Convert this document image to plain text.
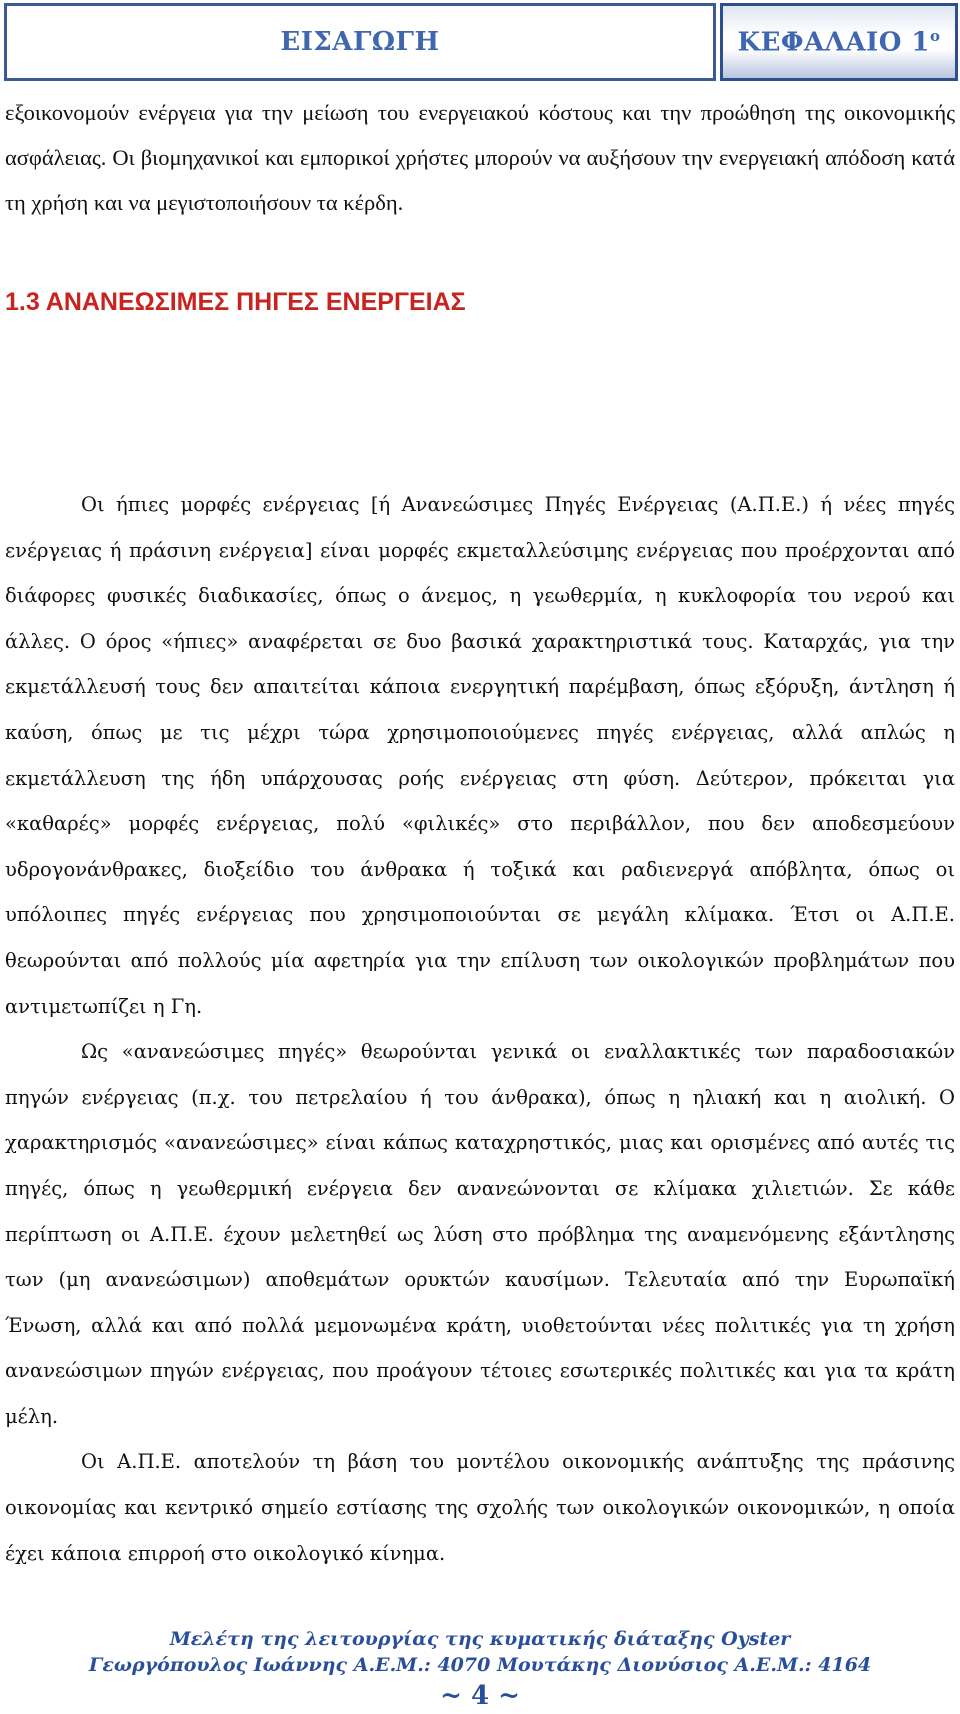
ΕΙΣΑΓΩΓΗ	ΚΕΦΑΛΑΙΟ $1^o$

εξοικονομούν ενέργεια για την μείωση του ενεργειακού κόστους και την προώθηση της οικονομικής ασφάλειας. Οι βιομηχανικοί και εμπορικοί χρήστες μπορούν να αυξήσουν την ενεργειακή απόδοση κατά τη χρήση και να μεγιστοποιήσουν τα κέρδη.

1.3 ΑΝΑΝΕΩΣΙΜΕΣ ΠΗΓΕΣ ΕΝΕΡΓΕΙΑΣ

Οι ήπιες μορφές ενέργειας [ή Ανανεώσιμες Πηγές Ενέργειας (Α.Π.Ε.) ή νέες πηγές ενέργειας ή πράσινη ενέργεια] είναι μορφές εκμεταλλεύσιμης ενέργειας που προέρχονται από διάφορες φυσικές διαδικασίες, όπως ο άνεμος, η γεωθερμία, η κυκλοφορία του νερού και άλλες. Ο όρος «ήπιες» αναφέρεται σε δυο βασικά χαρακτηριστικά τους. Καταρχάς, για την εκμετάλλευσή τους δεν απαιτείται κάποια ενεργητική παρέμβαση, όπως εξόρυξη, άντληση ή καύση, όπως με τις μέχρι τώρα χρησιμοποιούμενες πηγές ενέργειας, αλλά απλώς η εκμετάλλευση της ήδη υπάρχουσας ροής ενέργειας στη φύση. Δεύτερον, πρόκειται για «καθαρές» μορφές ενέργειας, πολύ «φιλικές» στο περιβάλλον, που δεν αποδεσμεύουν υδρογονάνθρακες, διοξείδιο του άνθρακα ή τοξικά και ραδιενεργά απόβλητα, όπως οι υπόλοιπες πηγές ενέργειας που χρησιμοποιούνται σε μεγάλη κλίμακα. Έτσι οι Α.Π.Ε. θεωρούνται από πολλούς μία αφετηρία για την επίλυση των οικολογικών προβλημάτων που αντιμετωπίζει η Γη.

Ως «ανανεώσιμες πηγές» θεωρούνται γενικά οι εναλλακτικές των παραδοσιακών πηγών ενέργειας (π.χ. του πετρελαίου ή του άνθρακα), όπως η ηλιακή και η αιολική. Ο χαρακτηρισμός «ανανεώσιμες» είναι κάπως καταχρηστικός, μιας και ορισμένες από αυτές τις πηγές, όπως η γεωθερμική ενέργεια δεν ανανεώνονται σε κλίμακα χιλιετιών. Σε κάθε περίπτωση οι Α.Π.Ε. έχουν μελετηθεί ως λύση στο πρόβλημα της αναμενόμενης εξάντλησης των (μη ανανεώσιμων) αποθεμάτων ορυκτών καυσίμων. Τελευταία από την Ευρωπαϊκή Ένωση, αλλά και από πολλά μεμονωμένα κράτη, υιοθετούνται νέες πολιτικές για τη χρήση ανανεώσιμων πηγών ενέργειας, που προάγουν τέτοιες εσωτερικές πολιτικές και για τα κράτη μέλη.

Οι Α.Π.Ε. αποτελούν τη βάση του μοντέλου οικονομικής ανάπτυξης της πράσινης οικονομίας και κεντρικό σημείο εστίασης της σχολής των οικολογικών οικονομικών, η οποία έχει κάποια επιρροή στο οικολογικό κίνημα.

Μελέτη της λειτουργίας της κυματικής διάταξης Oyster
Γεωργόπουλος Ιωάννης Α.Ε.Μ.: 4070 Μουτάκης Διονύσιος Α.Ε.Μ.: 4164
~ 4 ~
